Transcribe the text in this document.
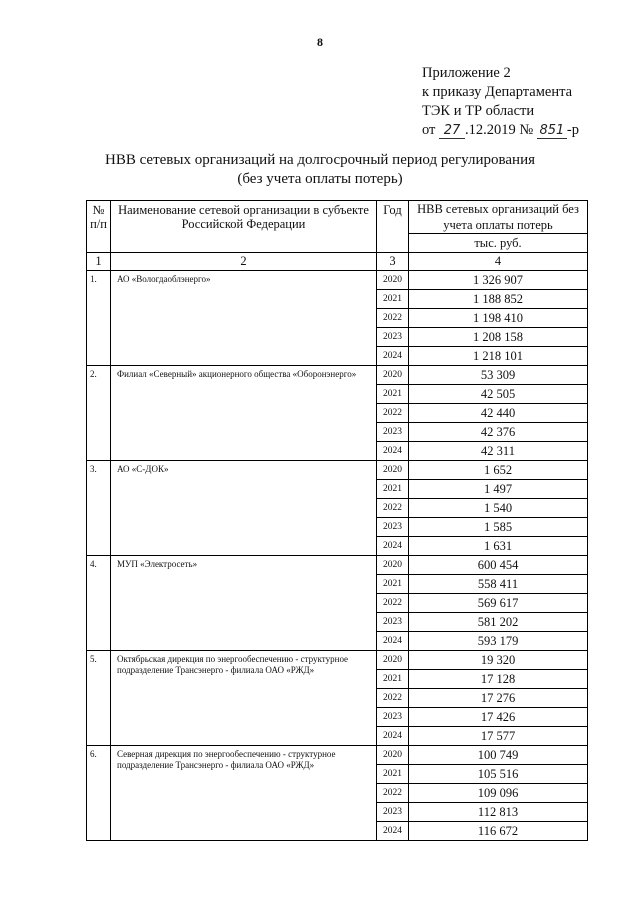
8
Приложение 2
к приказу Департамента
ТЭК и ТР области
от 27 .12.2019 № 851 -р
НВВ сетевых организаций на долгосрочный период регулирования
(без учета оплаты потерь)
№ п/п	Наименование сетевой организации в субъекте Российской Федерации	Год	НВВ сетевых организаций без учета оплаты потерь
			тыс. руб.
1	2	3	4
1.	АО «Вологдаоблэнерго»	2020	1 326 907
		2021	1 188 852
		2022	1 198 410
		2023	1 208 158
		2024	1 218 101
2.	Филиал «Северный» акционерного общества «Оборонэнерго»	2020	53 309
		2021	42 505
		2022	42 440
		2023	42 376
		2024	42 311
3.	АО «С-ДОК»	2020	1 652
		2021	1 497
		2022	1 540
		2023	1 585
		2024	1 631
4.	МУП «Электросеть»	2020	600 454
		2021	558 411
		2022	569 617
		2023	581 202
		2024	593 179
5.	Октябрьская дирекция по энергообеспечению - структурное подразделение Трансэнерго - филиала ОАО «РЖД»	2020	19 320
		2021	17 128
		2022	17 276
		2023	17 426
		2024	17 577
6.	Северная дирекция по энергообеспечению - структурное подразделение Трансэнерго - филиала ОАО «РЖД»	2020	100 749
		2021	105 516
		2022	109 096
		2023	112 813
		2024	116 672
